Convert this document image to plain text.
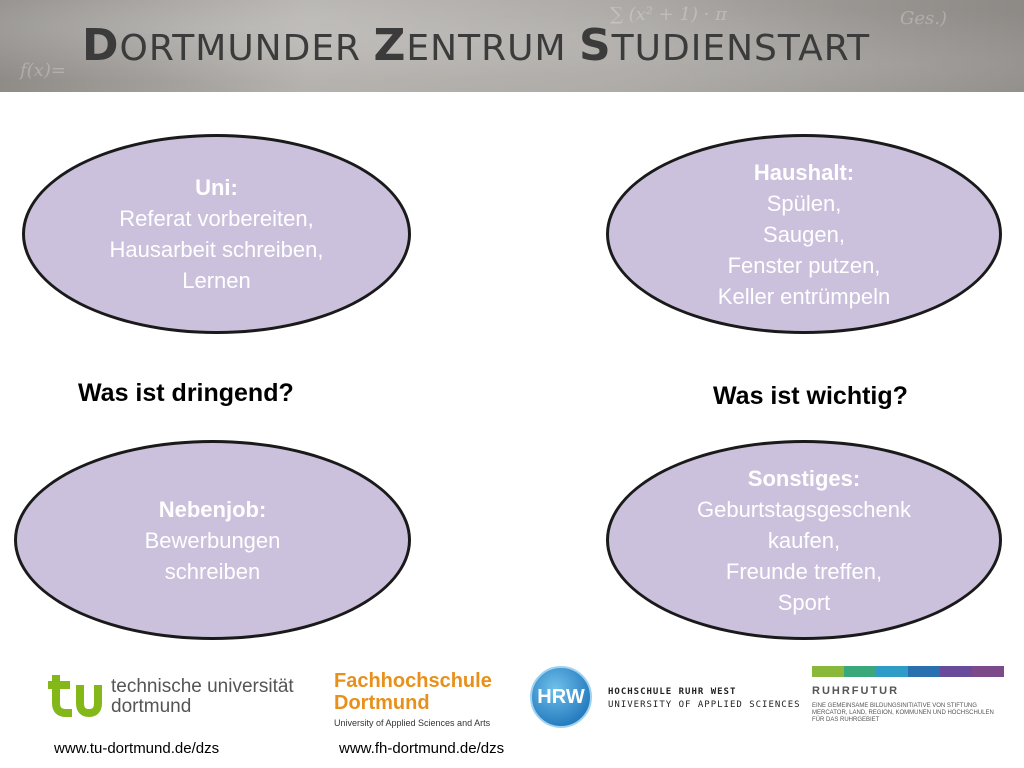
∑ (x² + 1) · π	Ges.)
f(x)= DORTMUNDER ZENTRUM STUDIENSTART
Uni:
Referat vorbereiten,
Hausarbeit schreiben,
Lernen
Haushalt:
Spülen,
Saugen,
Fenster putzen,
Keller entrümpeln
Was ist dringend?	Was ist wichtig?
Nebenjob:
Bewerbungen
schreiben
Sonstiges:
Geburtstagsgeschenk
kaufen,
Freunde treffen,
Sport
technische universität
dortmund
Fachhochschule
Dortmund
University of Applied Sciences and Arts
HRW	HOCHSCHULE RUHR WEST
UNIVERSITY OF APPLIED SCIENCES
RUHRFUTUR
EINE GEMEINSAME BILDUNGSINITIATIVE VON STIFTUNG MERCATOR, LAND, REGION, KOMMUNEN UND HOCHSCHULEN FÜR DAS RUHRGEBIET
www.tu-dortmund.de/dzs	www.fh-dortmund.de/dzs
